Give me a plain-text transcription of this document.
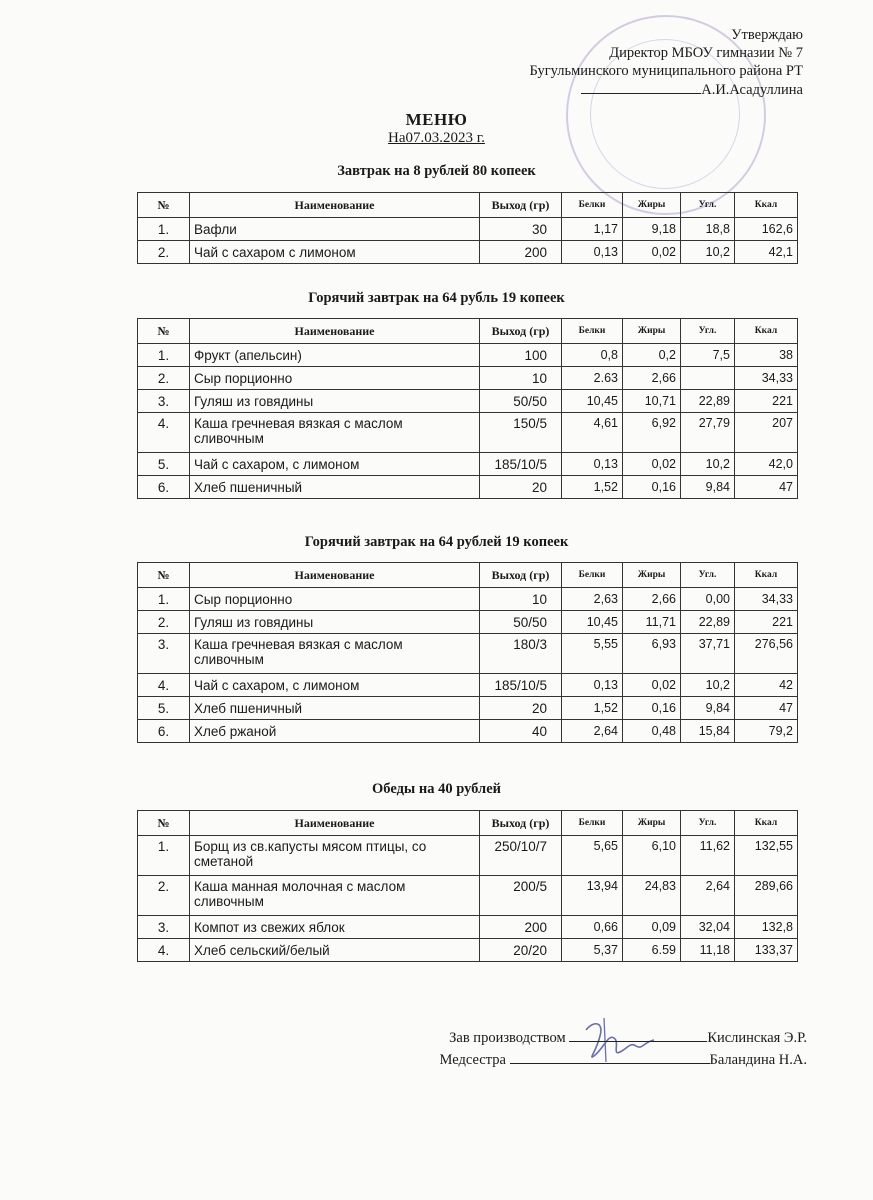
Утверждаю
Директор МБОУ гимназии № 7
Бугульминского муниципального района РТ
А.И.Асадуллина
МЕНЮ
На07.03.2023 г.
Завтрак на 8 рублей 80 копеек
№	Наименование	Выход (гр)	Белки	Жиры	Угл.	Ккал
1.	Вафли	30	1,17	9,18	18,8	162,6
2.	Чай с сахаром с лимоном	200	0,13	0,02	10,2	42,1
Горячий завтрак на 64 рубль 19 копеек
№	Наименование	Выход (гр)	Белки	Жиры	Угл.	Ккал
1.	Фрукт (апельсин)	100	0,8	0,2	7,5	38
2.	Сыр порционно	10	2.63	2,66		34,33
3.	Гуляш из говядины	50/50	10,45	10,71	22,89	221
4.	Каша гречневая вязкая с маслом сливочным	150/5	4,61	6,92	27,79	207
5.	Чай с сахаром, с лимоном	185/10/5	0,13	0,02	10,2	42,0
6.	Хлеб пшеничный	20	1,52	0,16	9,84	47
Горячий завтрак на 64 рублей 19 копеек
№	Наименование	Выход (гр)	Белки	Жиры	Угл.	Ккал
1.	Сыр порционно	10	2,63	2,66	0,00	34,33
2.	Гуляш из говядины	50/50	10,45	11,71	22,89	221
3.	Каша гречневая вязкая с маслом сливочным	180/3	5,55	6,93	37,71	276,56
4.	Чай с сахаром, с лимоном	185/10/5	0,13	0,02	10,2	42
5.	Хлеб пшеничный	20	1,52	0,16	9,84	47
6.	Хлеб ржаной	40	2,64	0,48	15,84	79,2
Обеды на 40 рублей
№	Наименование	Выход (гр)	Белки	Жиры	Угл.	Ккал
1.	Борщ из св.капусты мясом птицы, со сметаной	250/10/7	5,65	6,10	11,62	132,55
2.	Каша манная молочная с маслом сливочным	200/5	13,94	24,83	2,64	289,66
3.	Компот из свежих яблок	200	0,66	0,09	32,04	132,8
4.	Хлеб сельский/белый	20/20	5,37	6.59	11,18	133,37
Зав производством	Кислинская Э.Р.
Медсестра	Баландина Н.А.
